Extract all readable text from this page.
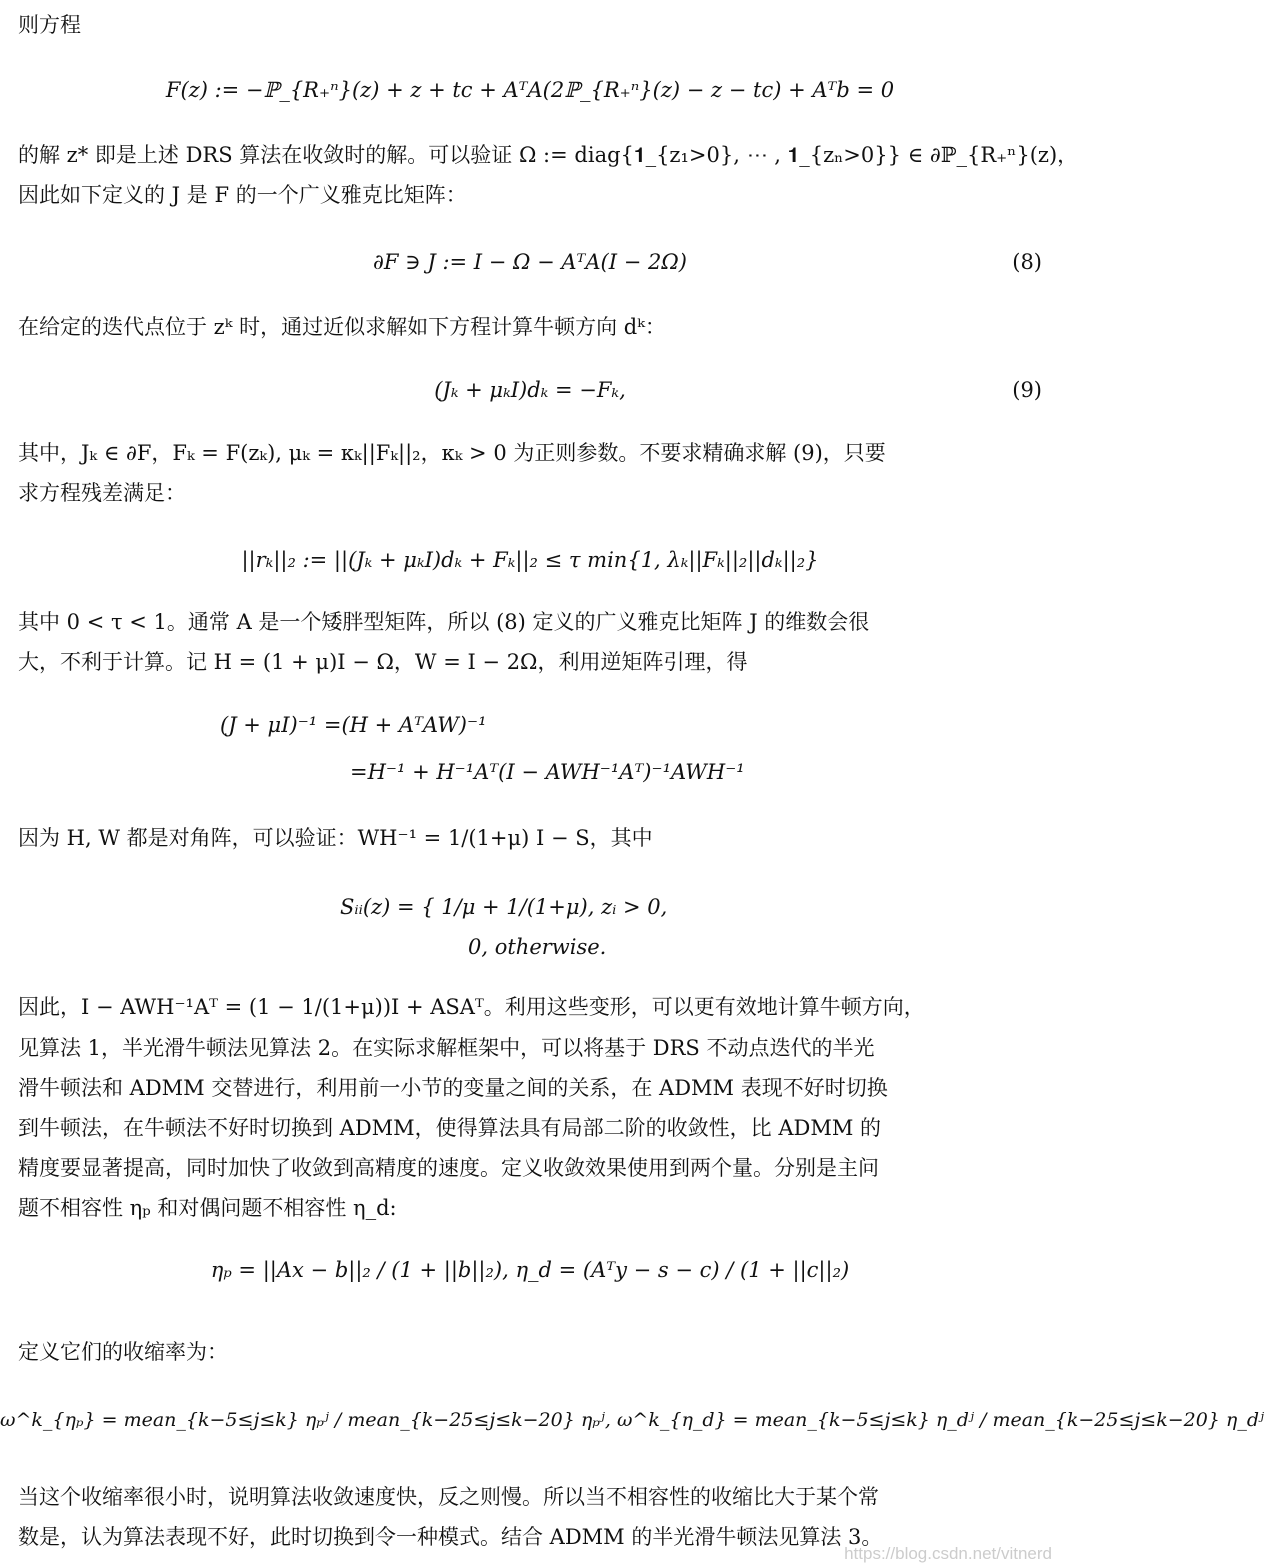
则方程
F(z) := −ℙ_{R₊ⁿ}(z) + z + tc + AᵀA(2ℙ_{R₊ⁿ}(z) − z − tc) + Aᵀb = 0
的解 z* 即是上述 DRS 算法在收敛时的解。可以验证 Ω := diag{𝟏_{z₁>0}, ⋯ , 𝟏_{zₙ>0}} ∈ ∂ℙ_{R₊ⁿ}(z)，
因此如下定义的 J 是 F 的一个广义雅克比矩阵：
∂F ∋ J := I − Ω − AᵀA(I − 2Ω)	(8)
在给定的迭代点位于 zᵏ 时，通过近似求解如下方程计算牛顿方向 dᵏ：
(Jₖ + μₖI)dₖ = −Fₖ,	(9)
其中，Jₖ ∈ ∂F，Fₖ = F(zₖ), μₖ = κₖ||Fₖ||₂，κₖ > 0 为正则参数。不要求精确求解 (9)，只要
求方程残差满足：
||rₖ||₂ := ||(Jₖ + μₖI)dₖ + Fₖ||₂ ≤ τ min{1, λₖ||Fₖ||₂||dₖ||₂}
其中 0 < τ < 1。通常 A 是一个矮胖型矩阵，所以 (8) 定义的广义雅克比矩阵 J 的维数会很
大，不利于计算。记 H = (1 + μ)I − Ω，W = I − 2Ω，利用逆矩阵引理，得
(J + μI)⁻¹ =(H + AᵀAW)⁻¹
=H⁻¹ + H⁻¹Aᵀ(I − AWH⁻¹Aᵀ)⁻¹AWH⁻¹
因为 H, W 都是对角阵，可以验证：WH⁻¹ = 1/(1+μ) I − S，其中
Sᵢᵢ(z) = { 1/μ + 1/(1+μ), zᵢ > 0,
0, otherwise.
因此，I − AWH⁻¹Aᵀ = (1 − 1/(1+μ))I + ASAᵀ。利用这些变形，可以更有效地计算牛顿方向，
见算法 1，半光滑牛顿法见算法 2。在实际求解框架中，可以将基于 DRS 不动点迭代的半光
滑牛顿法和 ADMM 交替进行，利用前一小节的变量之间的关系，在 ADMM 表现不好时切换
到牛顿法，在牛顿法不好时切换到 ADMM，使得算法具有局部二阶的收敛性，比 ADMM 的
精度要显著提高，同时加快了收敛到高精度的速度。定义收敛效果使用到两个量。分别是主问
题不相容性 ηₚ 和对偶问题不相容性 η_d:
ηₚ = ||Ax − b||₂ / (1 + ||b||₂), η_d = (Aᵀy − s − c) / (1 + ||c||₂)
定义它们的收缩率为：
ω^k_{ηₚ} = mean_{k−5≤j≤k} ηₚʲ / mean_{k−25≤j≤k−20} ηₚʲ, ω^k_{η_d} = mean_{k−5≤j≤k} η_dʲ / mean_{k−25≤j≤k−20} η_dʲ
当这个收缩率很小时，说明算法收敛速度快，反之则慢。所以当不相容性的收缩比大于某个常
数是，认为算法表现不好，此时切换到令一种模式。结合 ADMM 的半光滑牛顿法见算法 3。
https://blog.csdn.net/vitnerd
